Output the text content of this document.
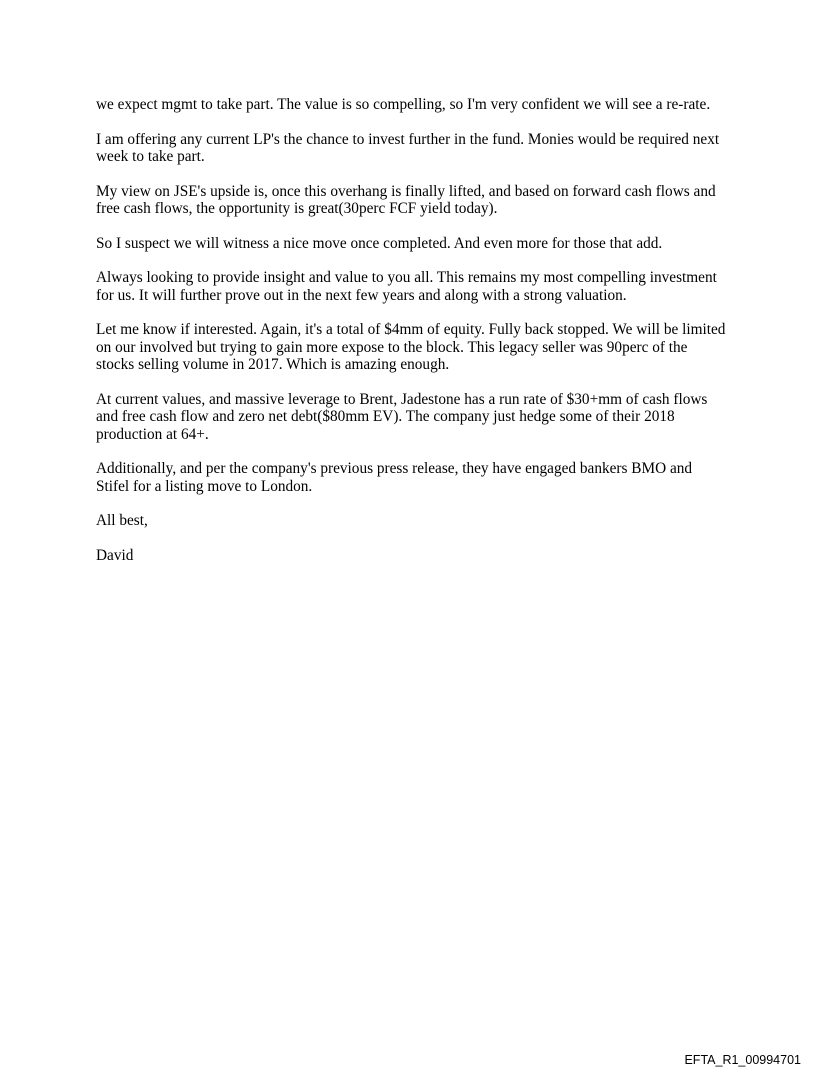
we expect mgmt to take part. The value is so compelling, so I'm very confident we will see a re-rate.

I am offering any current LP's the chance to invest further in the fund. Monies would be required next week to take part.

My view on JSE's upside is, once this overhang is finally lifted, and based on forward cash flows and free cash flows, the opportunity is great(30perc FCF yield today).

So I suspect we will witness a nice move once completed. And even more for those that add.

Always looking to provide insight and value to you all. This remains my most compelling investment for us. It will further prove out in the next few years and along with a strong valuation.

Let me know if interested. Again, it's a total of $4mm of equity. Fully back stopped. We will be limited on our involved but trying to gain more expose to the block. This legacy seller was 90perc of the stocks selling volume in 2017. Which is amazing enough.

At current values, and massive leverage to Brent, Jadestone has a run rate of $30+mm of cash flows and free cash flow and zero net debt($80mm EV). The company just hedge some of their 2018 production at 64+.

Additionally, and per the company's previous press release, they have engaged bankers BMO and Stifel for a listing move to London.

All best,

David

EFTA_R1_00994701
